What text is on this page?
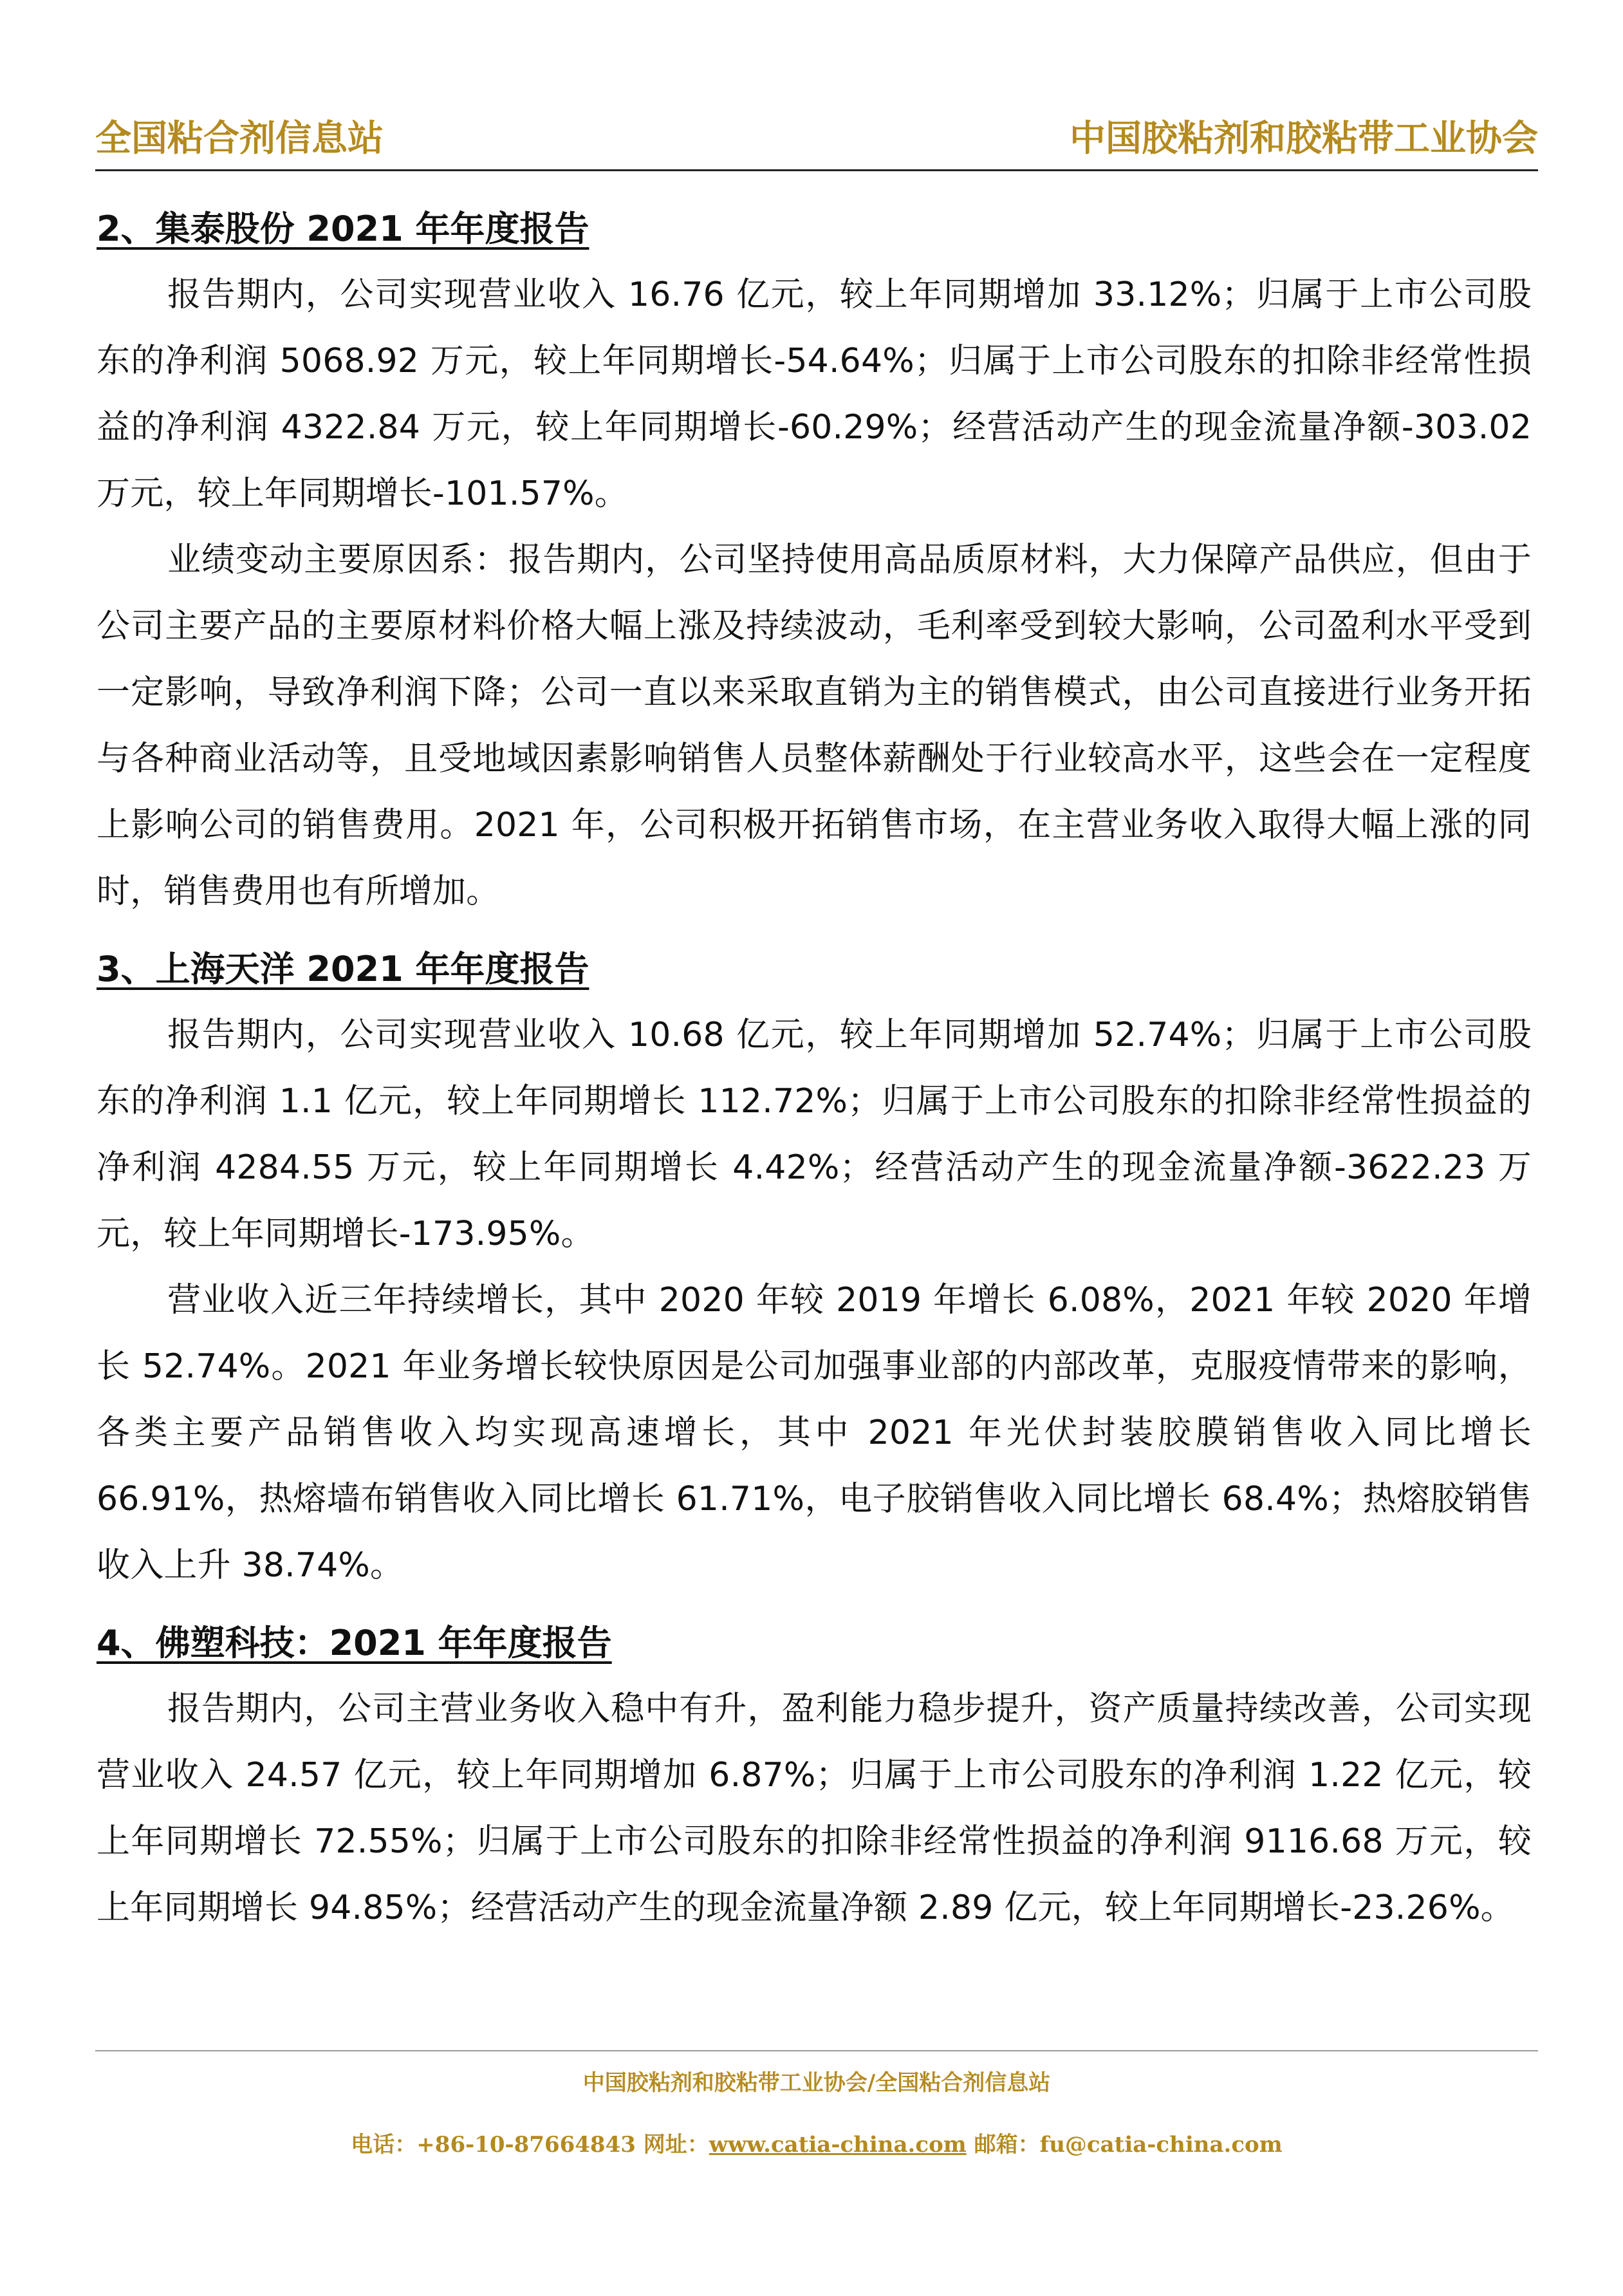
全国粘合剂信息站	中国胶粘剂和胶粘带工业协会
2、集泰股份 2021 年年度报告

报告期内，公司实现营业收入 16.76 亿元，较上年同期增加 33.12%；归属于上市公司股东的净利润 5068.92 万元，较上年同期增长-54.64%；归属于上市公司股东的扣除非经常性损益的净利润 4322.84 万元，较上年同期增长-60.29%；经营活动产生的现金流量净额-303.02 万元，较上年同期增长-101.57%。

业绩变动主要原因系：报告期内，公司坚持使用高品质原材料，大力保障产品供应，但由于公司主要产品的主要原材料价格大幅上涨及持续波动，毛利率受到较大影响，公司盈利水平受到一定影响，导致净利润下降；公司一直以来采取直销为主的销售模式，由公司直接进行业务开拓与各种商业活动等，且受地域因素影响销售人员整体薪酬处于行业较高水平，这些会在一定程度上影响公司的销售费用。2021 年，公司积极开拓销售市场，在主营业务收入取得大幅上涨的同时，销售费用也有所增加。

3、上海天洋 2021 年年度报告

报告期内，公司实现营业收入 10.68 亿元，较上年同期增加 52.74%；归属于上市公司股东的净利润 1.1 亿元，较上年同期增长 112.72%；归属于上市公司股东的扣除非经常性损益的净利润 4284.55 万元，较上年同期增长 4.42%；经营活动产生的现金流量净额-3622.23 万元，较上年同期增长-173.95%。

营业收入近三年持续增长，其中 2020 年较 2019 年增长 6.08%，2021 年较 2020 年增长 52.74%。2021 年业务增长较快原因是公司加强事业部的内部改革，克服疫情带来的影响，各类主要产品销售收入均实现高速增长，其中 2021 年光伏封装胶膜销售收入同比增长 66.91%，热熔墙布销售收入同比增长 61.71%，电子胶销售收入同比增长 68.4%；热熔胶销售收入上升 38.74%。

4、佛塑科技：2021 年年度报告

报告期内，公司主营业务收入稳中有升，盈利能力稳步提升，资产质量持续改善，公司实现营业收入 24.57 亿元，较上年同期增加 6.87%；归属于上市公司股东的净利润 1.22 亿元，较上年同期增长 72.55%；归属于上市公司股东的扣除非经常性损益的净利润 9116.68 万元，较上年同期增长 94.85%；经营活动产生的现金流量净额 2.89 亿元，较上年同期增长-23.26%。

中国胶粘剂和胶粘带工业协会/全国粘合剂信息站
电话：+86-10-87664843 网址：www.catia-china.com 邮箱：fu@catia-china.com
